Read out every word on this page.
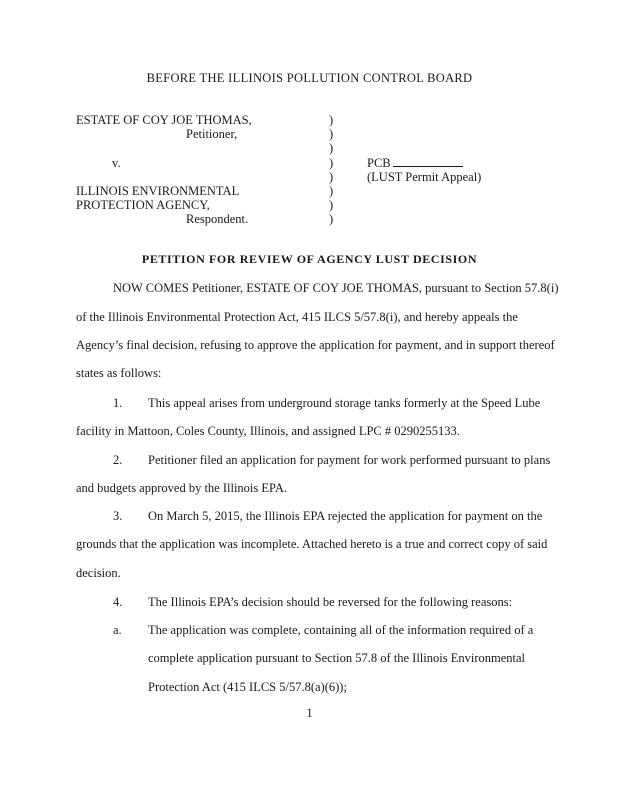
BEFORE THE ILLINOIS POLLUTION CONTROL BOARD
ESTATE OF COY JOE THOMAS,
Petitioner,
v.
ILLINOIS ENVIRONMENTAL
PROTECTION AGENCY,
Respondent.
)
)
)
)
)
)
)
)
PCB
(LUST Permit Appeal)
PETITION FOR REVIEW OF AGENCY LUST DECISION
NOW COMES Petitioner, ESTATE OF COY JOE THOMAS, pursuant to Section 57.8(i)
of the Illinois Environmental Protection Act, 415 ILCS 5/57.8(i), and hereby appeals the
Agency’s final decision, refusing to approve the application for payment, and in support thereof
states as follows:
1. This appeal arises from underground storage tanks formerly at the Speed Lube
facility in Mattoon, Coles County, Illinois, and assigned LPC # 0290255133.
2. Petitioner filed an application for payment for work performed pursuant to plans
and budgets approved by the Illinois EPA.
3. On March 5, 2015, the Illinois EPA rejected the application for payment on the
grounds that the application was incomplete. Attached hereto is a true and correct copy of said
decision.
4. The Illinois EPA’s decision should be reversed for the following reasons:
a. The application was complete, containing all of the information required of a
complete application pursuant to Section 57.8 of the Illinois Environmental
Protection Act (415 ILCS 5/57.8(a)(6));
1
